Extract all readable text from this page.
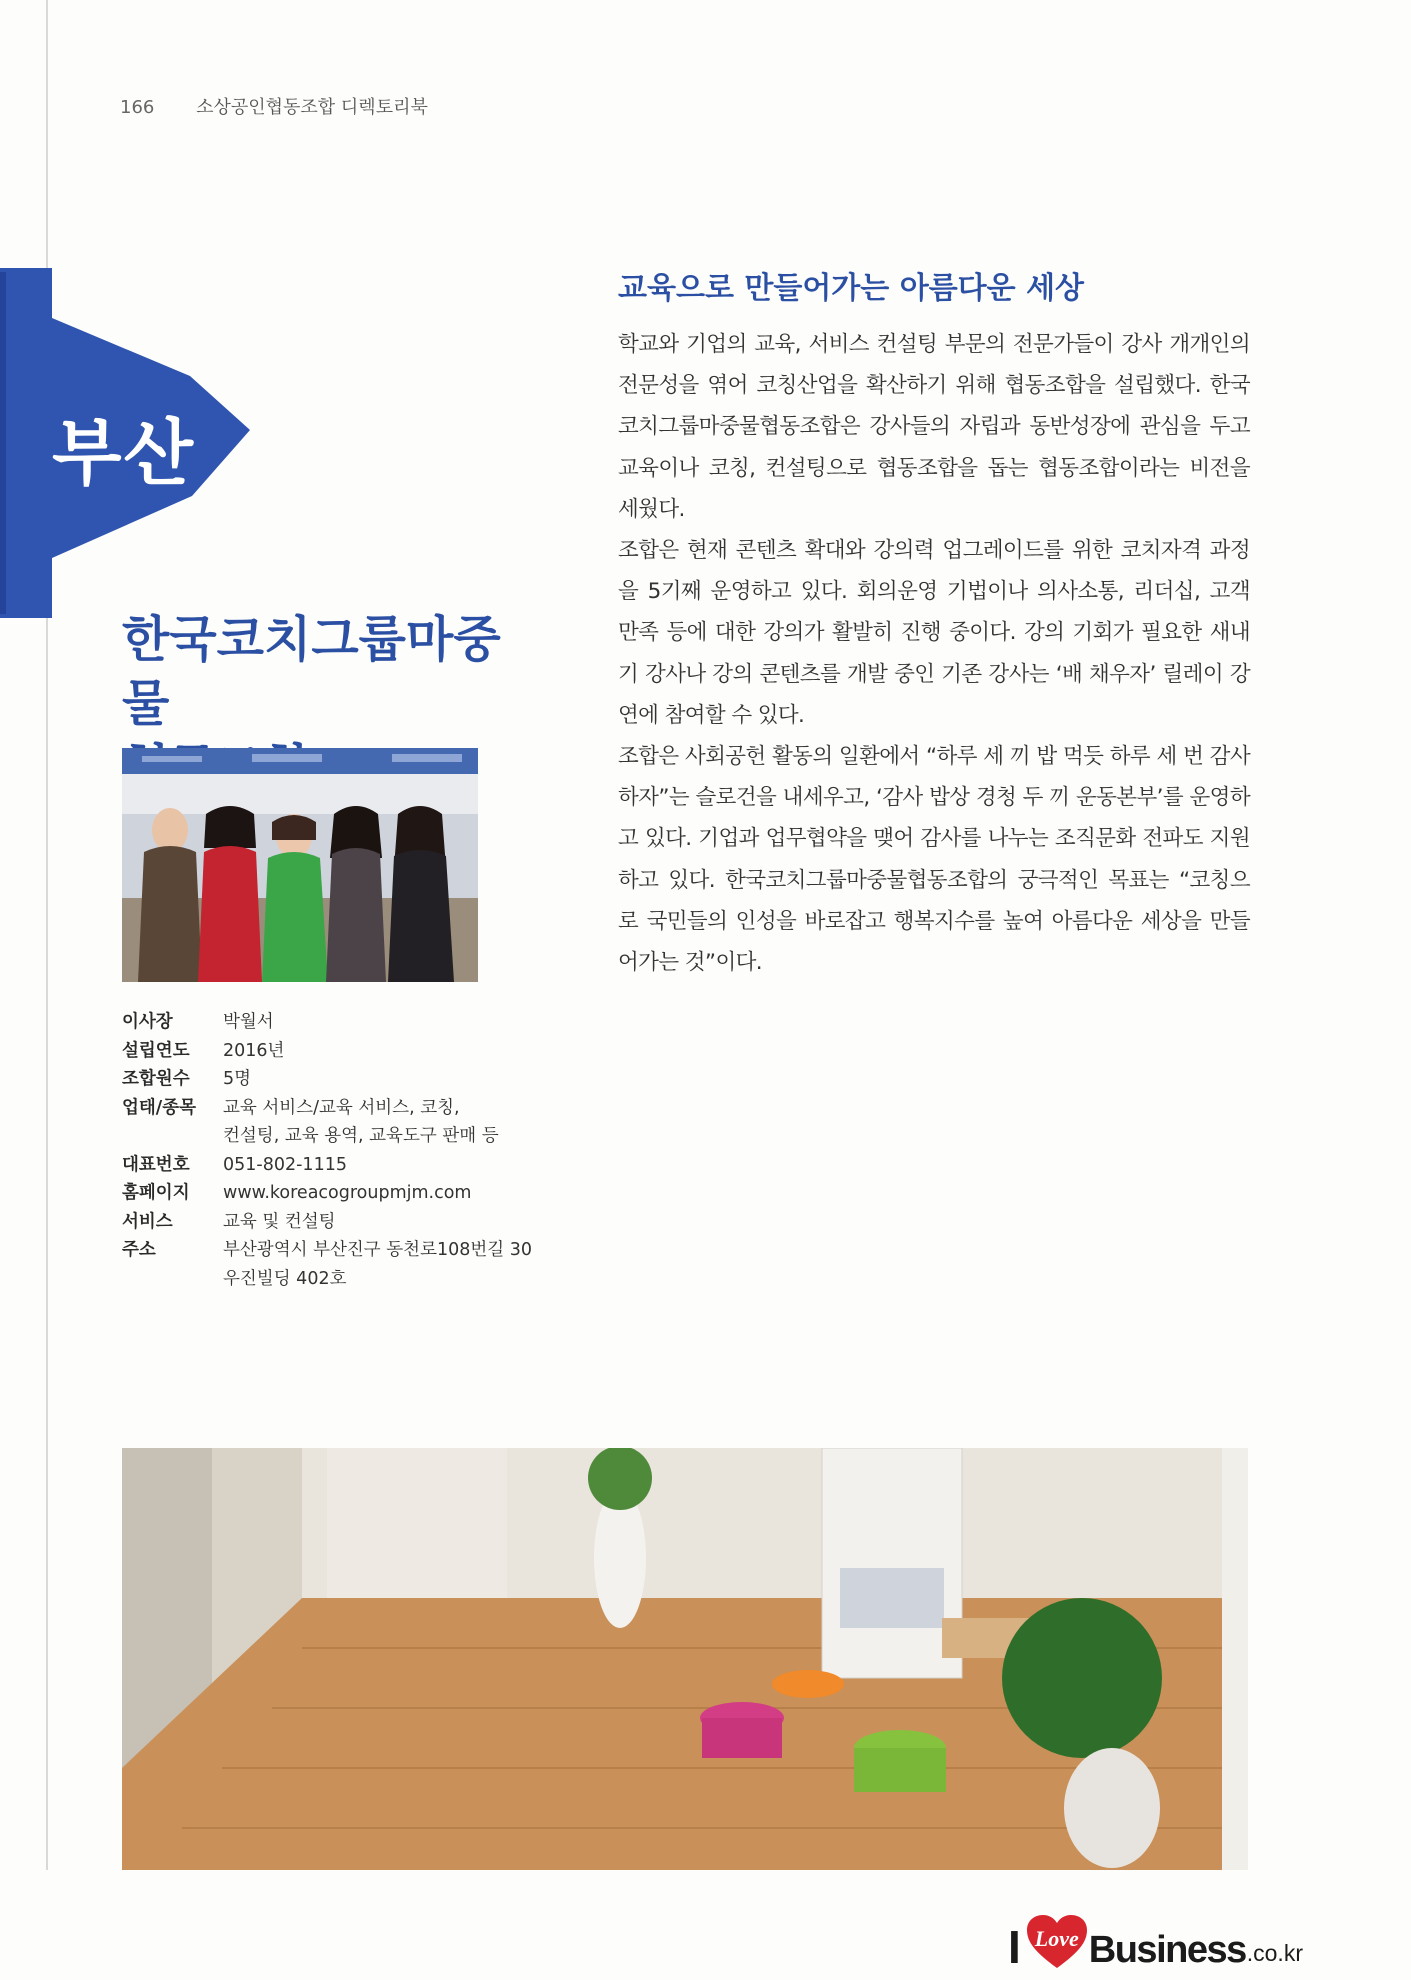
166 소상공인협동조합 디렉토리북
부산
한국코치그룹마중물
이사장	박월서
설립연도	2016년
조합원수	5명
업태/종목	교육 서비스/교육 서비스, 코칭,
컨설팅, 교육 용역, 교육도구 판매 등
대표번호	051-802-1115
홈페이지	www.koreacogroupmjm.com
서비스	교육 및 컨설팅
주소	부산광역시 부산진구 동천로108번길 30
우진빌딩 402호
교육으로 만들어가는 아름다운 세상

학교와 기업의 교육, 서비스 컨설팅 부문의 전문가들이 강사 개개인의 전문성을 엮어 코칭산업을 확산하기 위해 협동조합을 설립했다. 한국코치그룹마중물협동조합은 강사들의 자립과 동반성장에 관심을 두고 교육이나 코칭, 컨설팅으로 협동조합을 돕는 협동조합이라는 비전을 세웠다.

조합은 현재 콘텐츠 확대와 강의력 업그레이드를 위한 코치자격 과정을 5기째 운영하고 있다. 회의운영 기법이나 의사소통, 리더십, 고객 만족 등에 대한 강의가 활발히 진행 중이다. 강의 기회가 필요한 새내기 강사나 강의 콘텐츠를 개발 중인 기존 강사는 ‘배 채우자’ 릴레이 강연에 참여할 수 있다.

조합은 사회공헌 활동의 일환에서 “하루 세 끼 밥 먹듯 하루 세 번 감사하자”는 슬로건을 내세우고, ‘감사 밥상 경청 두 끼 운동본부’를 운영하고 있다. 기업과 업무협약을 맺어 감사를 나누는 조직문화 전파도 지원하고 있다. 한국코치그룹마중물협동조합의 궁극적인 목표는 “코칭으로 국민들의 인성을 바로잡고 행복지수를 높여 아름다운 세상을 만들어가는 것”이다.

I Love Business .co.kr
